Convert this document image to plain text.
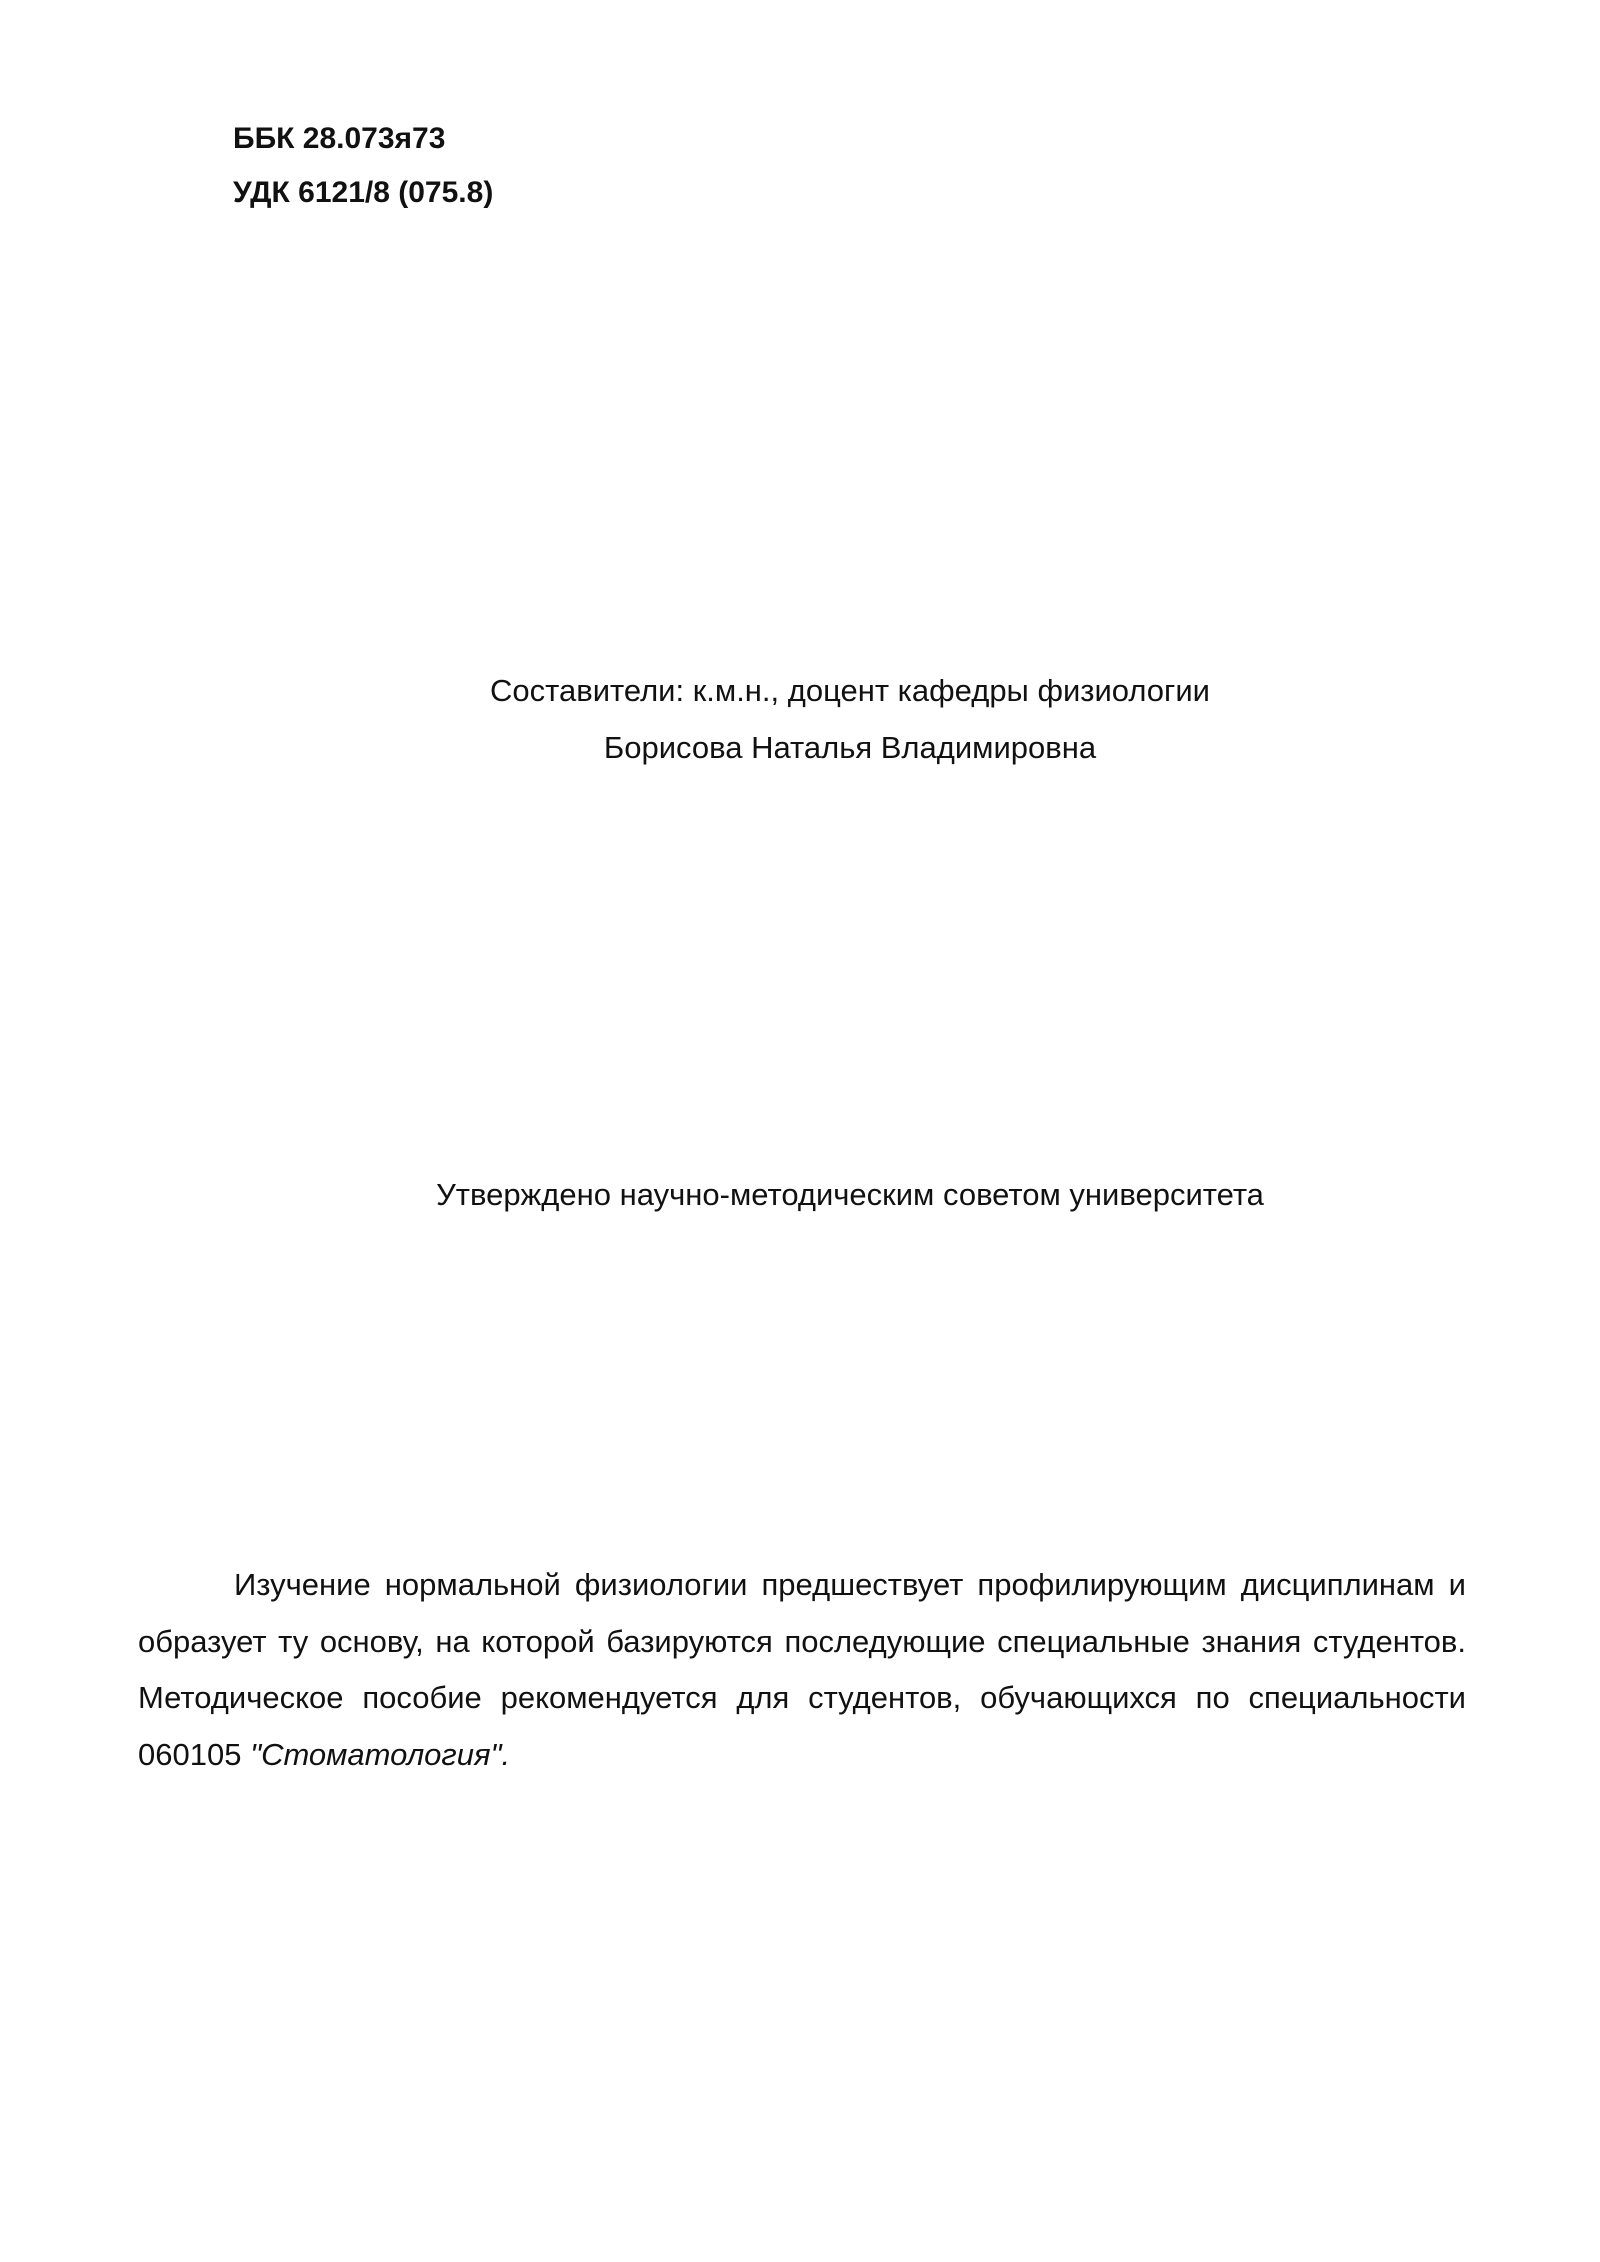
ББК 28.073я73
УДК 6121/8 (075.8)
Составители: к.м.н., доцент кафедры физиологии
Борисова Наталья Владимировна
Утверждено научно-методическим советом университета

Изучение нормальной физиологии предшествует профилирующим дисциплинам и образует ту основу, на которой базируются последующие специальные знания студентов. Методическое пособие рекомендуется для студентов, обучающихся по специальности 060105 "Стоматология".
